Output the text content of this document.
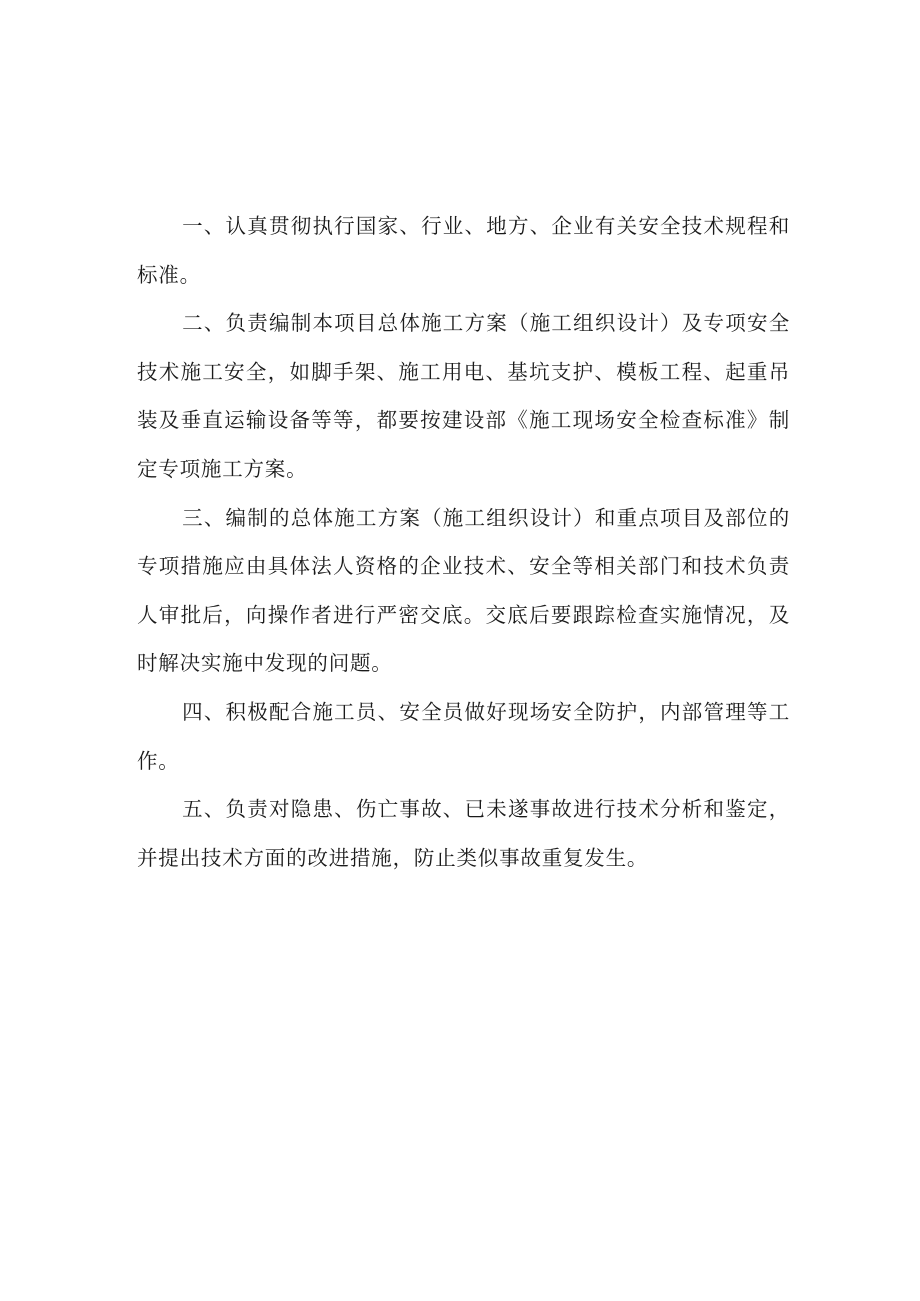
一、认真贯彻执行国家、行业、地方、企业有关安全技术规程和标准。

二、负责编制本项目总体施工方案（施工组织设计）及专项安全技术施工安全，如脚手架、施工用电、基坑支护、模板工程、起重吊装及垂直运输设备等等，都要按建设部《施工现场安全检查标准》制定专项施工方案。

三、编制的总体施工方案（施工组织设计）和重点项目及部位的专项措施应由具体法人资格的企业技术、安全等相关部门和技术负责人审批后，向操作者进行严密交底。交底后要跟踪检查实施情况，及时解决实施中发现的问题。

四、积极配合施工员、安全员做好现场安全防护，内部管理等工作。

五、负责对隐患、伤亡事故、已未遂事故进行技术分析和鉴定，并提出技术方面的改进措施，防止类似事故重复发生。
